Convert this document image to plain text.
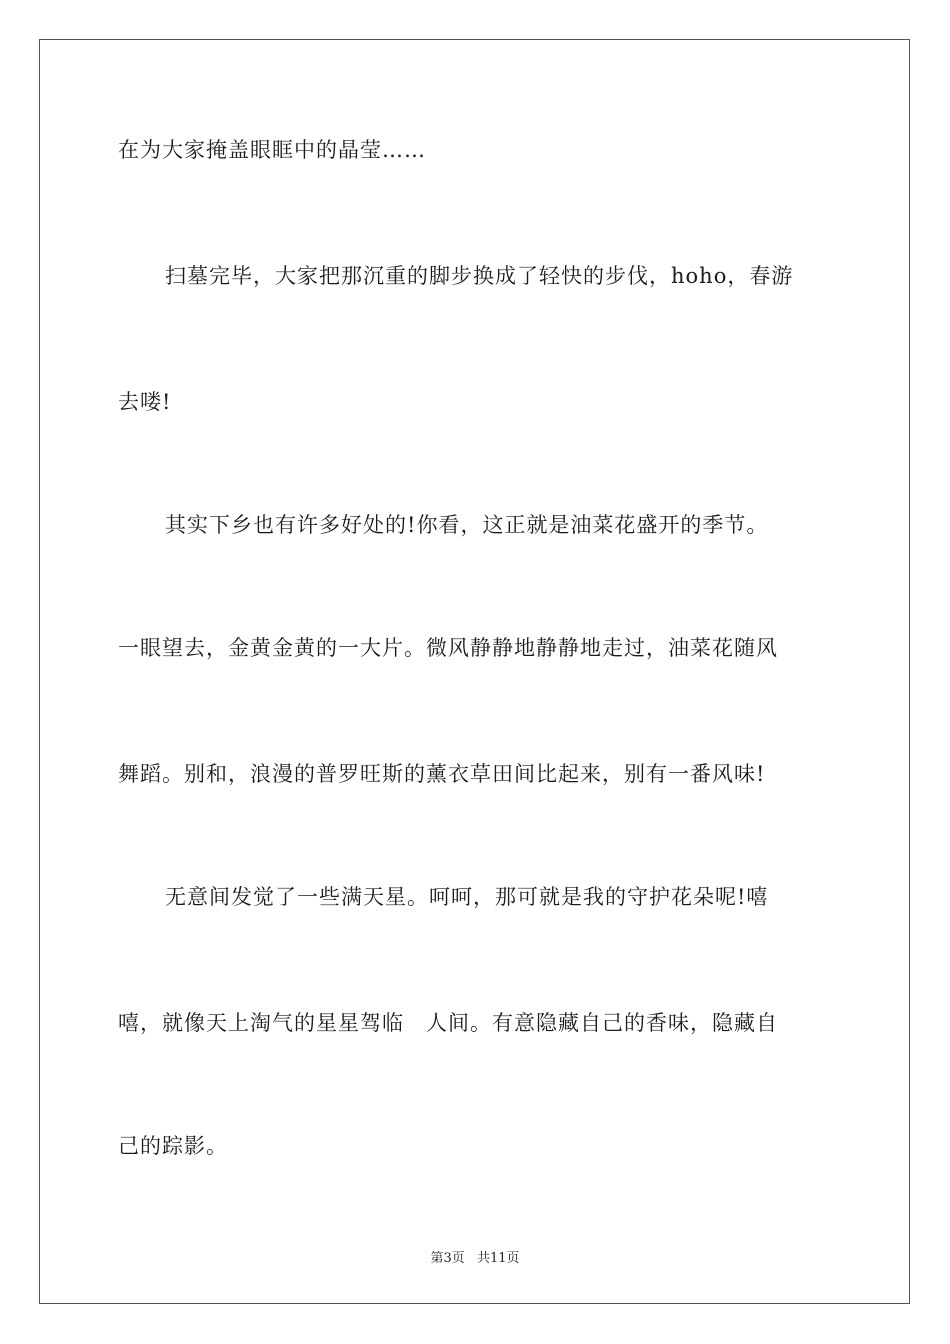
在为大家掩盖眼眶中的晶莹……
扫墓完毕，大家把那沉重的脚步换成了轻快的步伐，hoho，春游
去喽!
其实下乡也有许多好处的!你看，这正就是油菜花盛开的季节。
一眼望去，金黄金黄的一大片。微风静静地静静地走过，油菜花随风
舞蹈。别和，浪漫的普罗旺斯的薰衣草田间比起来，别有一番风味!
无意间发觉了一些满天星。呵呵，那可就是我的守护花朵呢!嘻
嘻，就像天上淘气的星星驾临　人间。有意隐藏自己的香味，隐藏自
己的踪影。
第3页 共11页
